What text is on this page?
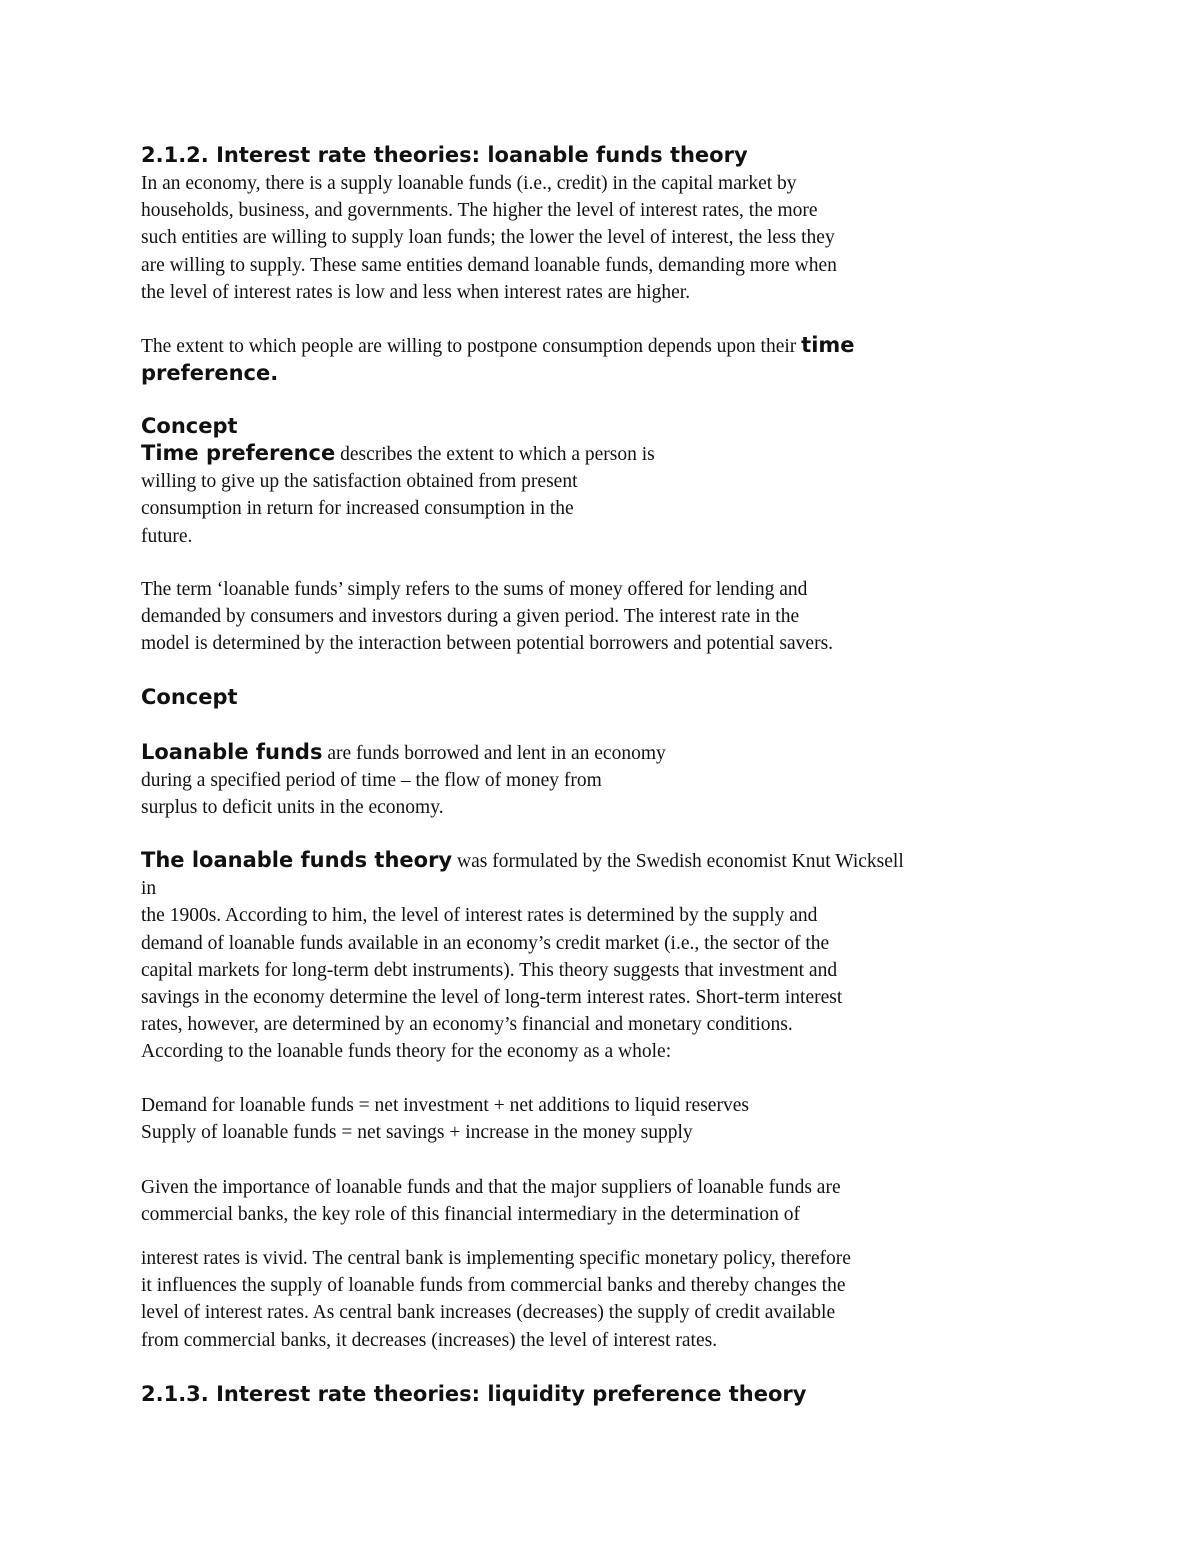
2.1.2. Interest rate theories: loanable funds theory
In an economy, there is a supply loanable funds (i.e., credit) in the capital market by
households, business, and governments. The higher the level of interest rates, the more
such entities are willing to supply loan funds; the lower the level of interest, the less they
are willing to supply. These same entities demand loanable funds, demanding more when
the level of interest rates is low and less when interest rates are higher.
The extent to which people are willing to postpone consumption depends upon their time
preference.
Concept
Time preference describes the extent to which a person is
willing to give up the satisfaction obtained from present
consumption in return for increased consumption in the
future.
The term ‘loanable funds’ simply refers to the sums of money offered for lending and
demanded by consumers and investors during a given period. The interest rate in the
model is determined by the interaction between potential borrowers and potential savers.
Concept
Loanable funds are funds borrowed and lent in an economy
during a specified period of time – the flow of money from
surplus to deficit units in the economy.
The loanable funds theory was formulated by the Swedish economist Knut Wicksell
in
the 1900s. According to him, the level of interest rates is determined by the supply and
demand of loanable funds available in an economy’s credit market (i.e., the sector of the
capital markets for long-term debt instruments). This theory suggests that investment and
savings in the economy determine the level of long-term interest rates. Short-term interest
rates, however, are determined by an economy’s financial and monetary conditions.
According to the loanable funds theory for the economy as a whole:
Demand for loanable funds = net investment + net additions to liquid reserves
Supply of loanable funds = net savings + increase in the money supply
Given the importance of loanable funds and that the major suppliers of loanable funds are
commercial banks, the key role of this financial intermediary in the determination of
interest rates is vivid. The central bank is implementing specific monetary policy, therefore
it influences the supply of loanable funds from commercial banks and thereby changes the
level of interest rates. As central bank increases (decreases) the supply of credit available
from commercial banks, it decreases (increases) the level of interest rates.
2.1.3. Interest rate theories: liquidity preference theory
